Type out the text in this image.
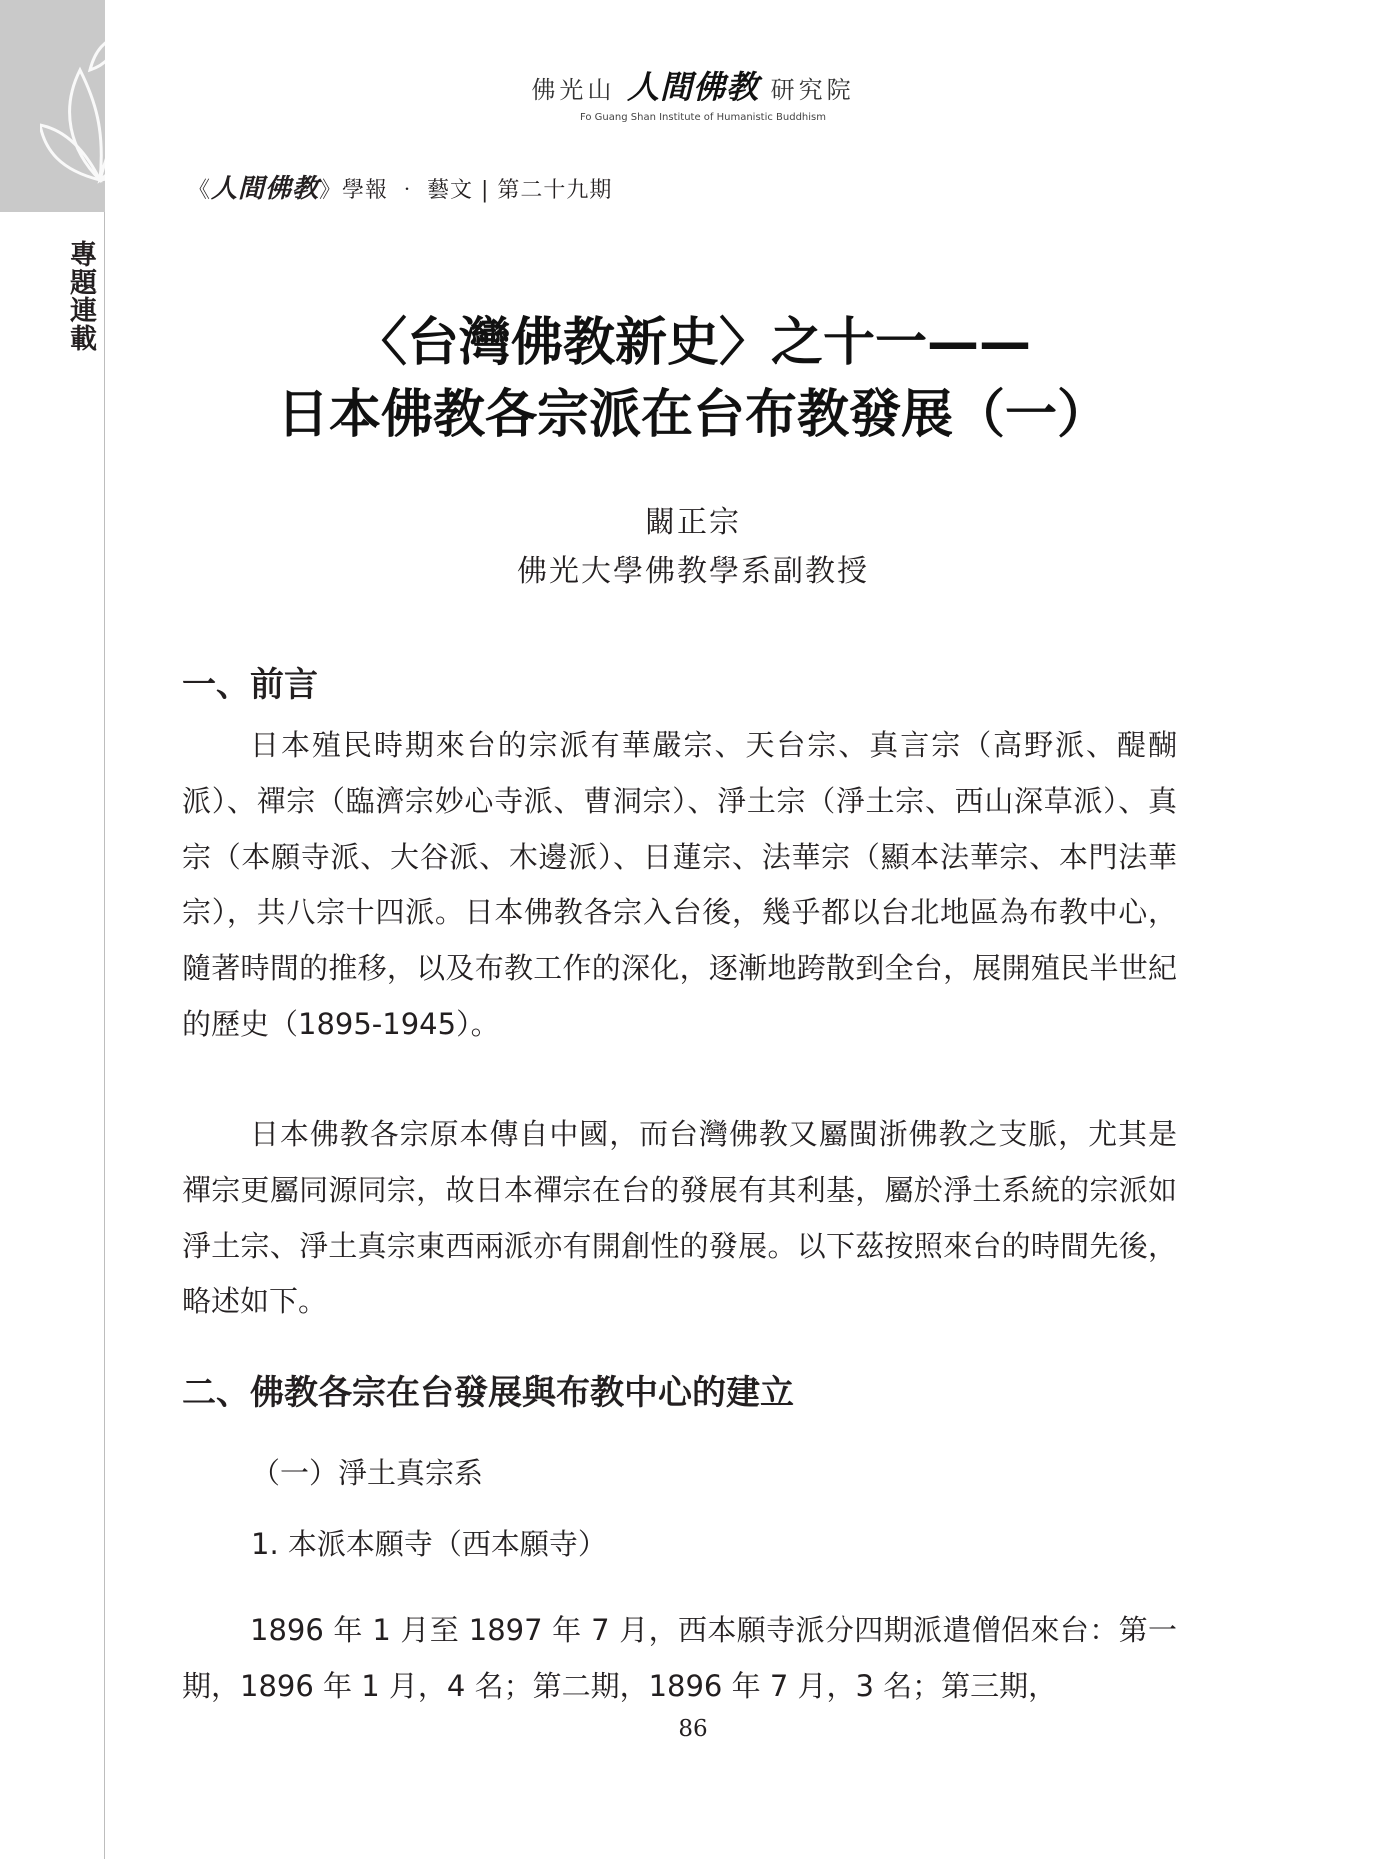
專題連載
佛光山 人間佛教 研究院
Fo Guang Shan Institute of Humanistic Buddhism
《人間佛教》學報 ‧ 藝文 | 第二十九期
〈台灣佛教新史〉之十一——
日本佛教各宗派在台布教發展（一）
闞正宗
佛光大學佛教學系副教授
一、前言

日本殖民時期來台的宗派有華嚴宗、天台宗、真言宗（高野派、醍醐派）、禪宗（臨濟宗妙心寺派、曹洞宗）、淨土宗（淨土宗、西山深草派）、真宗（本願寺派、大谷派、木邊派）、日蓮宗、法華宗（顯本法華宗、本門法華宗），共八宗十四派。日本佛教各宗入台後，幾乎都以台北地區為布教中心，隨著時間的推移，以及布教工作的深化，逐漸地跨散到全台，展開殖民半世紀的歷史（1895-1945）。

日本佛教各宗原本傳自中國，而台灣佛教又屬閩浙佛教之支脈，尤其是禪宗更屬同源同宗，故日本禪宗在台的發展有其利基，屬於淨土系統的宗派如淨土宗、淨土真宗東西兩派亦有開創性的發展。以下茲按照來台的時間先後，略述如下。

二、佛教各宗在台發展與布教中心的建立
（一）淨土真宗系
1. 本派本願寺（西本願寺）

1896 年 1 月至 1897 年 7 月，西本願寺派分四期派遣僧侶來台：第一期，1896 年 1 月，4 名；第二期，1896 年 7 月，3 名；第三期，

86
